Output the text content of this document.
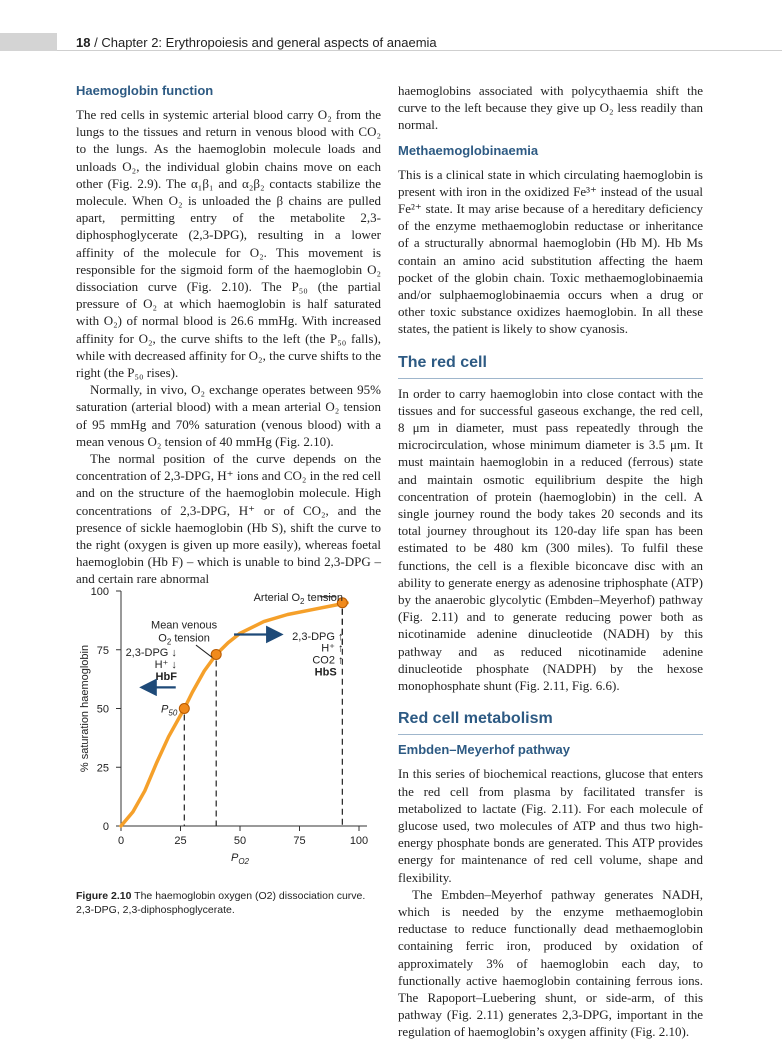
18 / Chapter 2: Erythropoiesis and general aspects of anaemia
Haemoglobin function

The red cells in systemic arterial blood carry O₂ from the lungs to the tissues and return in venous blood with CO₂ to the lungs. As the haemoglobin molecule loads and unloads O₂, the individual globin chains move on each other (Fig. 2.9). The α₁β₁ and α₂β₂ contacts stabilize the molecule. When O₂ is unloaded the β chains are pulled apart, permitting entry of the metabolite 2,3-diphosphoglycerate (2,3-DPG), resulting in a lower affinity of the molecule for O₂. This movement is responsible for the sigmoid form of the haemoglobin O₂ dissociation curve (Fig. 2.10). The P₅₀ (the partial pressure of O₂ at which haemoglobin is half saturated with O₂) of normal blood is 26.6 mmHg. With increased affinity for O₂, the curve shifts to the left (the P₅₀ falls), while with decreased affinity for O₂, the curve shifts to the right (the P₅₀ rises).

Normally, in vivo, O₂ exchange operates between 95% saturation (arterial blood) with a mean arterial O₂ tension of 95 mmHg and 70% saturation (venous blood) with a mean venous O₂ tension of 40 mmHg (Fig. 2.10).

The normal position of the curve depends on the concentration of 2,3-DPG, H⁺ ions and CO₂ in the red cell and on the structure of the haemoglobin molecule. High concentrations of 2,3-DPG, H⁺ or of CO₂, and the presence of sickle haemoglobin (Hb S), shift the curve to the right (oxygen is given up more easily), whereas foetal haemoglobin (Hb F) – which is unable to bind 2,3-DPG – and certain rare abnormal

haemoglobins associated with polycythaemia shift the curve to the left because they give up O₂ less readily than normal.

Methaemoglobinaemia

This is a clinical state in which circulating haemoglobin is present with iron in the oxidized Fe³⁺ instead of the usual Fe²⁺ state. It may arise because of a hereditary deficiency of the enzyme methaemoglobin reductase or inheritance of a structurally abnormal haemoglobin (Hb M). Hb Ms contain an amino acid substitution affecting the haem pocket of the globin chain. Toxic methaemoglobinaemia and/or sulphaemoglobinaemia occurs when a drug or other toxic substance oxidizes haemoglobin. In all these states, the patient is likely to show cyanosis.

The red cell

In order to carry haemoglobin into close contact with the tissues and for successful gaseous exchange, the red cell, 8 μm in diameter, must pass repeatedly through the microcirculation, whose minimum diameter is 3.5 μm. It must maintain haemoglobin in a reduced (ferrous) state and maintain osmotic equilibrium despite the high concentration of protein (haemoglobin) in the cell. A single journey round the body takes 20 seconds and its total journey throughout its 120-day life span has been estimated to be 480 km (300 miles). To fulfil these functions, the cell is a flexible biconcave disc with an ability to generate energy as adenosine triphosphate (ATP) by the anaerobic glycolytic (Embden–Meyerhof) pathway (Fig. 2.11) and to generate reducing power both as nicotinamide adenine dinucleotide (NADH) by this pathway and as reduced nicotinamide adenine dinucleotide phosphate (NADPH) by the hexose monophosphate shunt (Fig. 2.11, Fig. 6.6).

Red cell metabolism
Embden–Meyerhof pathway

In this series of biochemical reactions, glucose that enters the red cell from plasma by facilitated transfer is metabolized to lactate (Fig. 2.11). For each molecule of glucose used, two molecules of ATP and thus two high-energy phosphate bonds are generated. This ATP provides energy for maintenance of red cell volume, shape and flexibility.

The Embden–Meyerhof pathway generates NADH, which is needed by the enzyme methaemoglobin reductase to reduce functionally dead methaemoglobin containing ferric iron, produced by oxidation of approximately 3% of haemoglobin each day, to functionally active haemoglobin containing ferrous ions. The Rapoport–Luebering shunt, or side-arm, of this pathway (Fig. 2.11) generates 2,3-DPG, important in the regulation of haemoglobin’s oxygen affinity (Fig. 2.10).

0	25	50	75	100
0
25
50
75
100
$P_{O2}$
% saturation haemoglobin
Arterial $O_2$ tension
Mean venous
$O_2$ tension
2,3-DPG ↓
H⁺ ↓
HbF
2,3-DPG ↑
H⁺ ↑
CO2 ↑
HbS
$P_{50}$
Figure 2.10 The haemoglobin oxygen (O2) dissociation curve. 2,3-DPG, 2,3-diphosphoglycerate.
